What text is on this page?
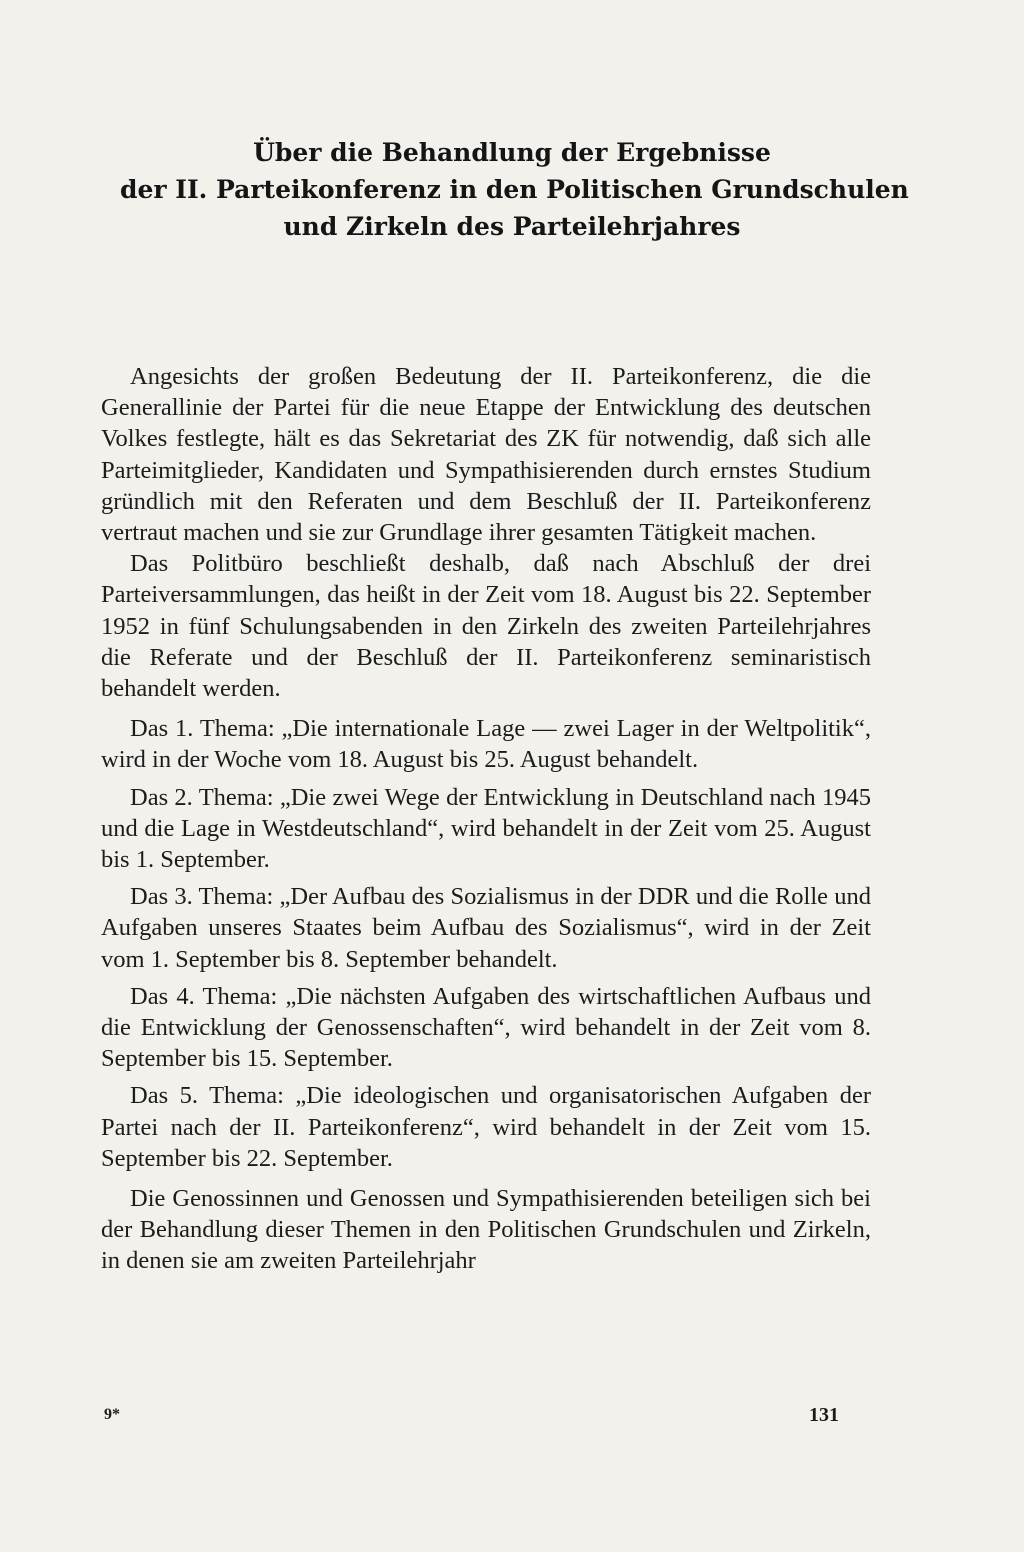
Über die Behandlung der Ergebnisse
der II. Parteikonferenz in den Politischen Grundschulen
und Zirkeln des Parteilehrjahres

Angesichts der großen Bedeutung der II. Parteikonferenz, die die Generallinie der Partei für die neue Etappe der Entwicklung des deutschen Volkes festlegte, hält es das Sekretariat des ZK für notwendig, daß sich alle Parteimitglieder, Kandidaten und Sympathisierenden durch ernstes Studium gründlich mit den Referaten und dem Beschluß der II. Parteikonferenz vertraut machen und sie zur Grundlage ihrer gesamten Tätigkeit machen.

Das Politbüro beschließt deshalb, daß nach Abschluß der drei Parteiversammlungen, das heißt in der Zeit vom 18. August bis 22. September 1952 in fünf Schulungsabenden in den Zirkeln des zweiten Parteilehrjahres die Referate und der Beschluß der II. Parteikonferenz seminaristisch behandelt werden.

Das 1. Thema: „Die internationale Lage — zwei Lager in der Weltpolitik“, wird in der Woche vom 18. August bis 25. August behandelt.

Das 2. Thema: „Die zwei Wege der Entwicklung in Deutschland nach 1945 und die Lage in Westdeutschland“, wird behandelt in der Zeit vom 25. August bis 1. September.

Das 3. Thema: „Der Aufbau des Sozialismus in der DDR und die Rolle und Aufgaben unseres Staates beim Aufbau des Sozialismus“, wird in der Zeit vom 1. September bis 8. September behandelt.

Das 4. Thema: „Die nächsten Aufgaben des wirtschaftlichen Aufbaus und die Entwicklung der Genossenschaften“, wird behandelt in der Zeit vom 8. September bis 15. September.

Das 5. Thema: „Die ideologischen und organisatorischen Aufgaben der Partei nach der II. Parteikonferenz“, wird behandelt in der Zeit vom 15. September bis 22. September.

Die Genossinnen und Genossen und Sympathisierenden beteiligen sich bei der Behandlung dieser Themen in den Politischen Grundschulen und Zirkeln, in denen sie am zweiten Parteilehrjahr

9*	131
